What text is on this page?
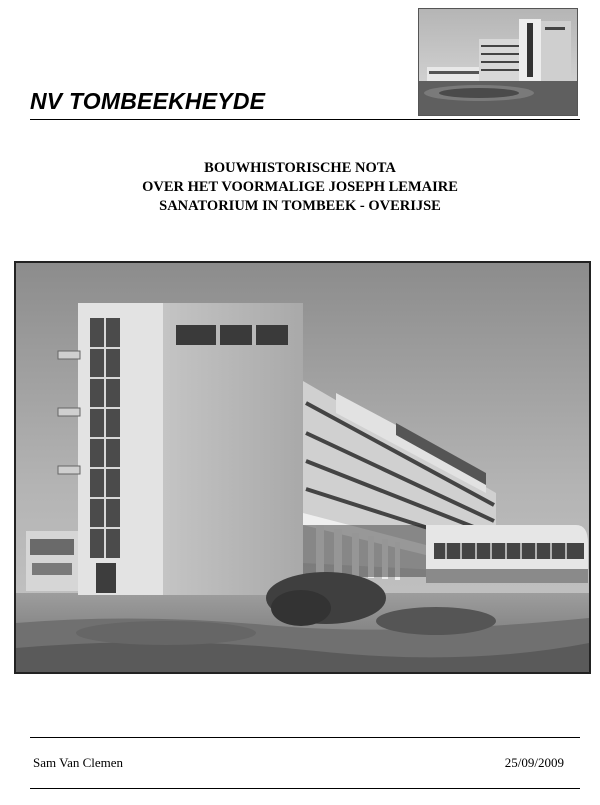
NV TOMBEEKHEYDE
BOUWHISTORISCHE NOTA
OVER HET VOORMALIGE JOSEPH LEMAIRE
SANATORIUM IN TOMBEEK - OVERIJSE
Sam Van Clemen	25/09/2009
